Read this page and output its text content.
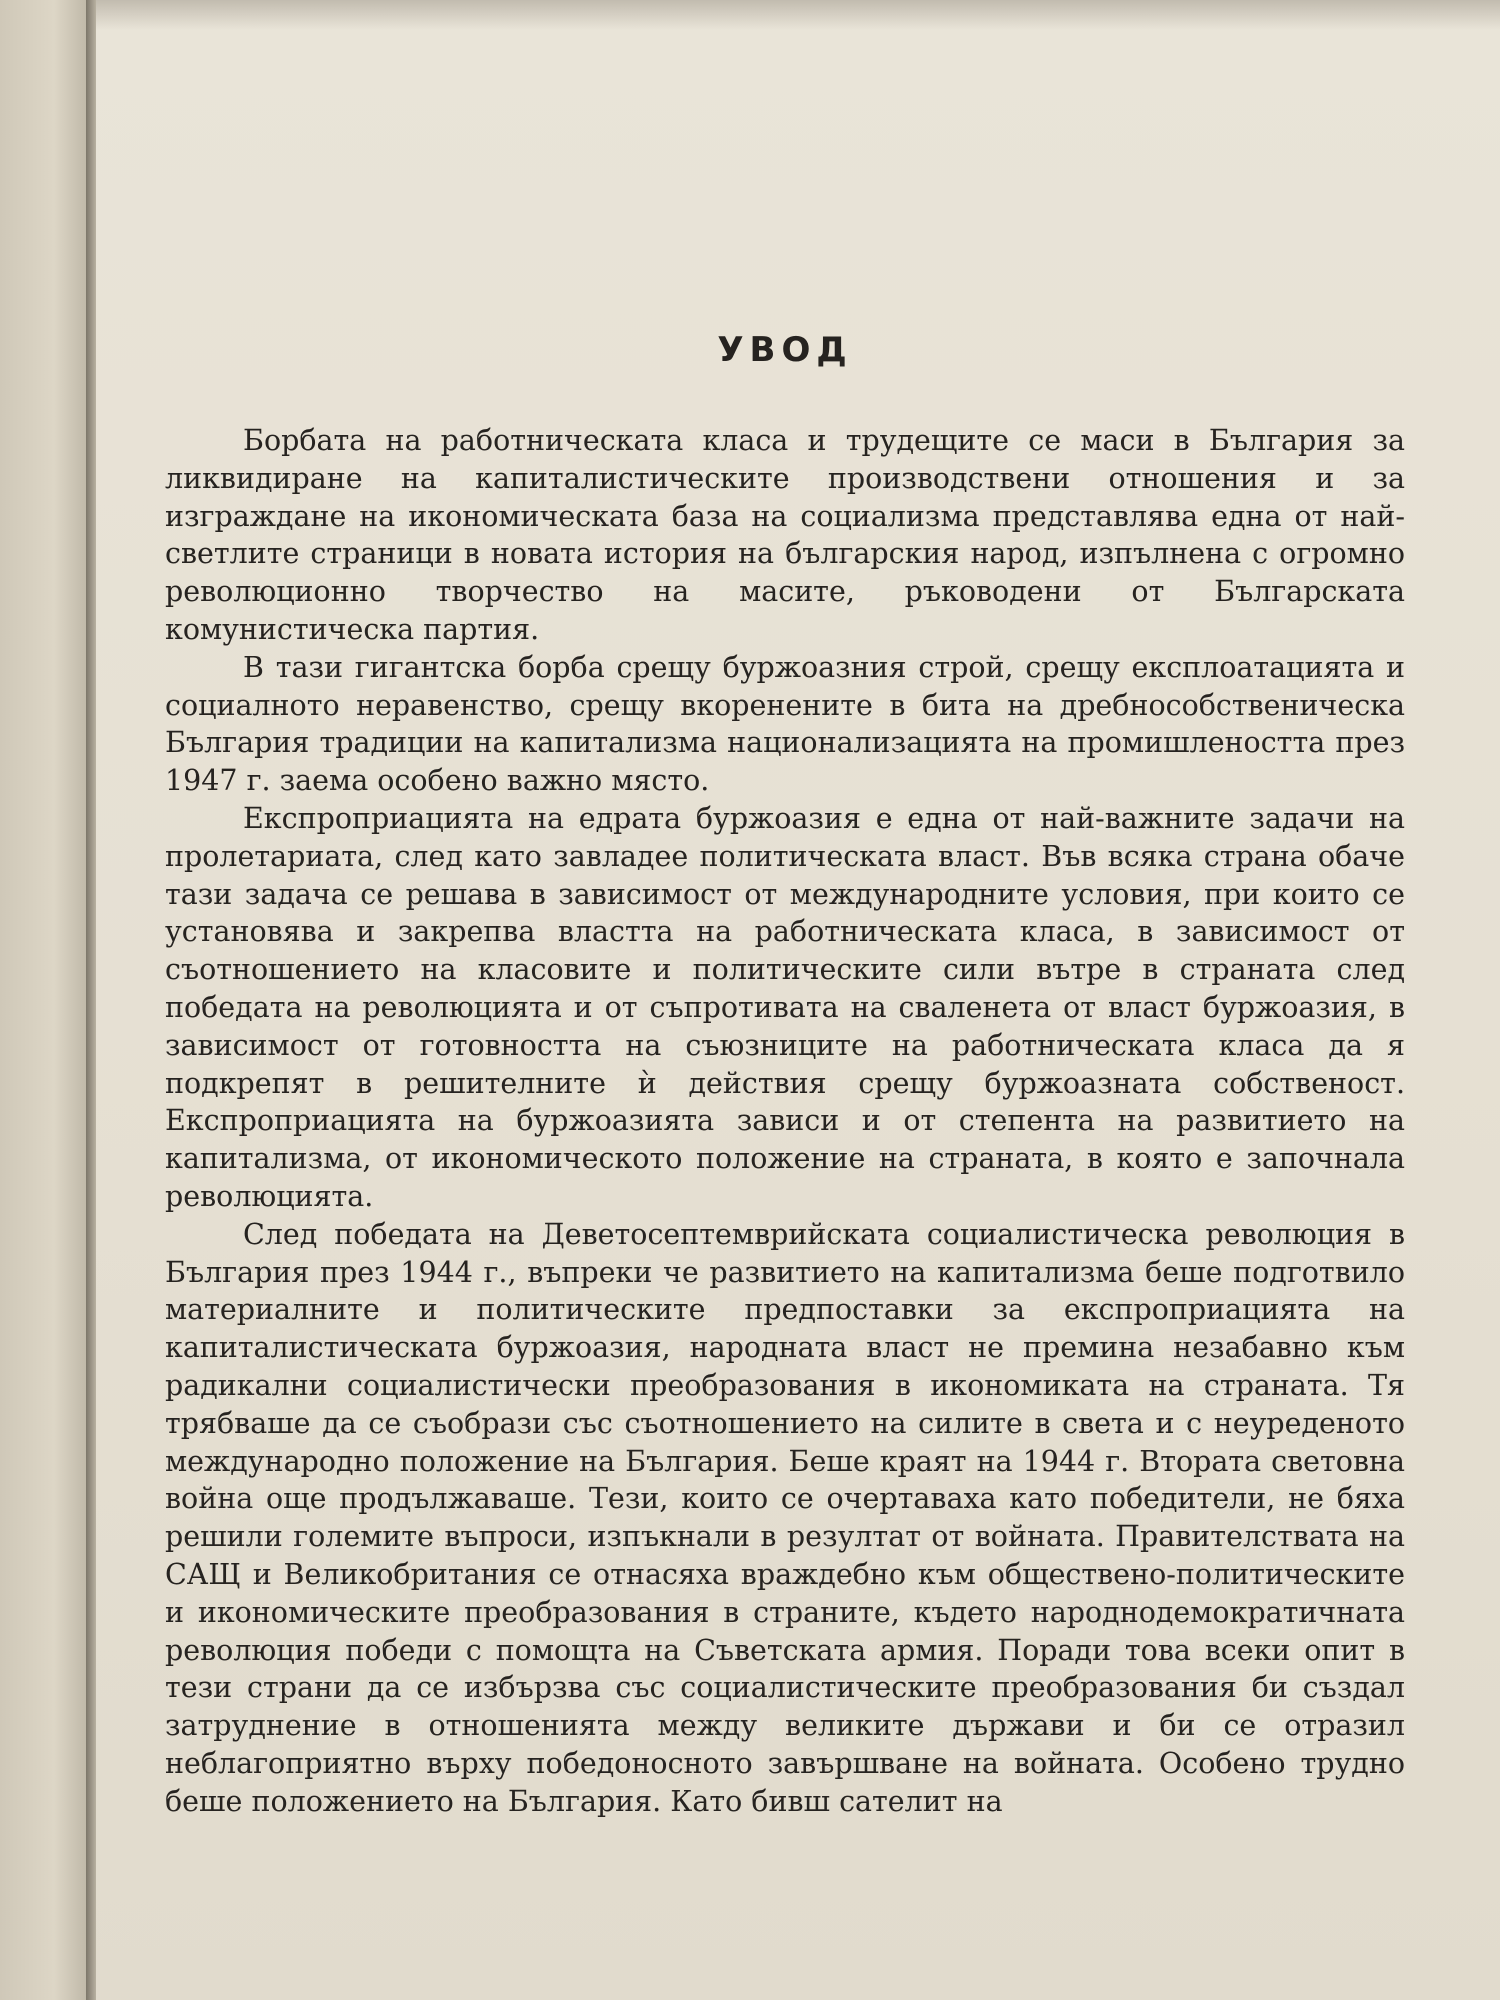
УВОД

Борбата на работническата класа и трудещите се маси в България за ликвидиране на капиталистическите производствени отношения и за изграждане на икономическата база на социализма представлява една от най-светлите страници в новата история на българския народ, изпълнена с огромно революционно творчество на масите, ръководени от Българската комунистическа партия.

В тази гигантска борба срещу буржоазния строй, срещу експлоатацията и социалното неравенство, срещу вкоренените в бита на дребнособственическа България традиции на капитализма национализацията на промишлеността през 1947 г. заема особено важно място.

Експроприацията на едрата буржоазия е една от най-важните задачи на пролетариата, след като завладее политическата власт. Във всяка страна обаче тази задача се решава в зависимост от международните условия, при които се установява и закрепва властта на работническата класа, в зависимост от съотношението на класовите и политическите сили вътре в страната след победата на революцията и от съпротивата на сваленета от власт буржоазия, в зависимост от готовността на съюзниците на работническата класа да я подкрепят в решителните ѝ действия срещу буржоазната собственост. Експроприацията на буржоазията зависи и от степента на развитието на капитализма, от икономическото положение на страната, в която е започнала революцията.

След победата на Деветосептемврийската социалистическа революция в България през 1944 г., въпреки че развитието на капитализма беше подготвило материалните и политическите предпоставки за експроприацията на капиталистическата буржоазия, народната власт не премина незабавно към радикални социалистически преобразования в икономиката на страната. Тя трябваше да се съобрази със съотношението на силите в света и с неуреденото международно положение на България. Беше краят на 1944 г. Втората световна война още продължаваше. Тези, които се очертаваха като победители, не бяха решили големите въпроси, изпъкнали в резултат от войната. Правителствата на САЩ и Великобритания се отнасяха враждебно към обществено-политическите и икономическите преобразования в страните, където народнодемократичната революция победи с помощта на Съветската армия. Поради това всеки опит в тези страни да се избързва със социалистическите преобразования би създал затруднение в отношенията между великите държави и би се отразил неблагоприятно върху победоносното завършване на войната. Особено трудно беше положението на България. Като бивш сателит на
